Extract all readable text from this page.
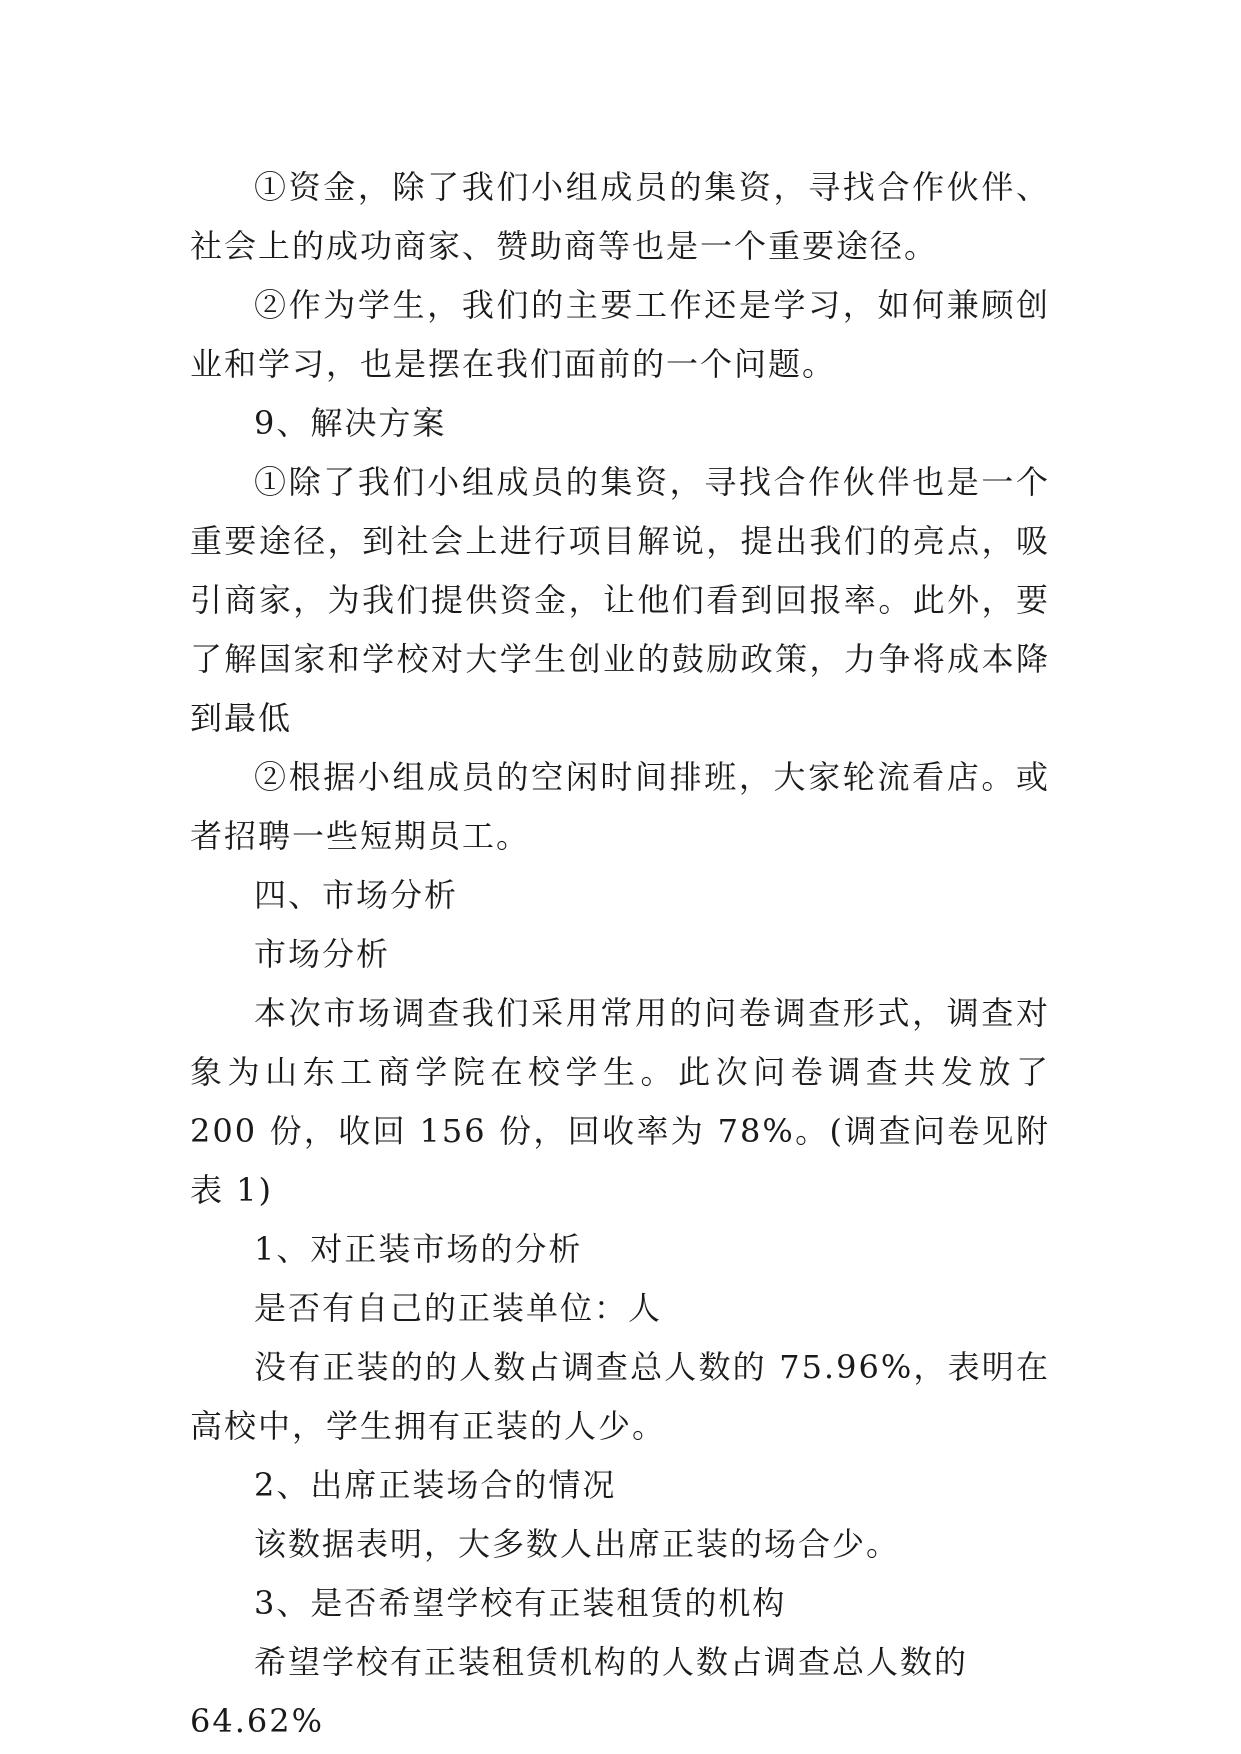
①资金，除了我们小组成员的集资，寻找合作伙伴、社会上的成功商家、赞助商等也是一个重要途径。

②作为学生，我们的主要工作还是学习，如何兼顾创业和学习，也是摆在我们面前的一个问题。

9、解决方案

①除了我们小组成员的集资，寻找合作伙伴也是一个重要途径，到社会上进行项目解说，提出我们的亮点，吸引商家，为我们提供资金，让他们看到回报率。此外，要了解国家和学校对大学生创业的鼓励政策，力争将成本降到最低

②根据小组成员的空闲时间排班，大家轮流看店。或者招聘一些短期员工。

四、市场分析

市场分析

本次市场调查我们采用常用的问卷调查形式，调查对象为山东工商学院在校学生。此次问卷调查共发放了 200 份，收回 156 份，回收率为 78%。(调查问卷见附表 1)

1、对正装市场的分析

是否有自己的正装单位：人

没有正装的的人数占调查总人数的 75.96%，表明在高校中，学生拥有正装的人少。

2、出席正装场合的情况

该数据表明，大多数人出席正装的场合少。

3、是否希望学校有正装租赁的机构

希望学校有正装租赁机构的人数占调查总人数的 64.62%
